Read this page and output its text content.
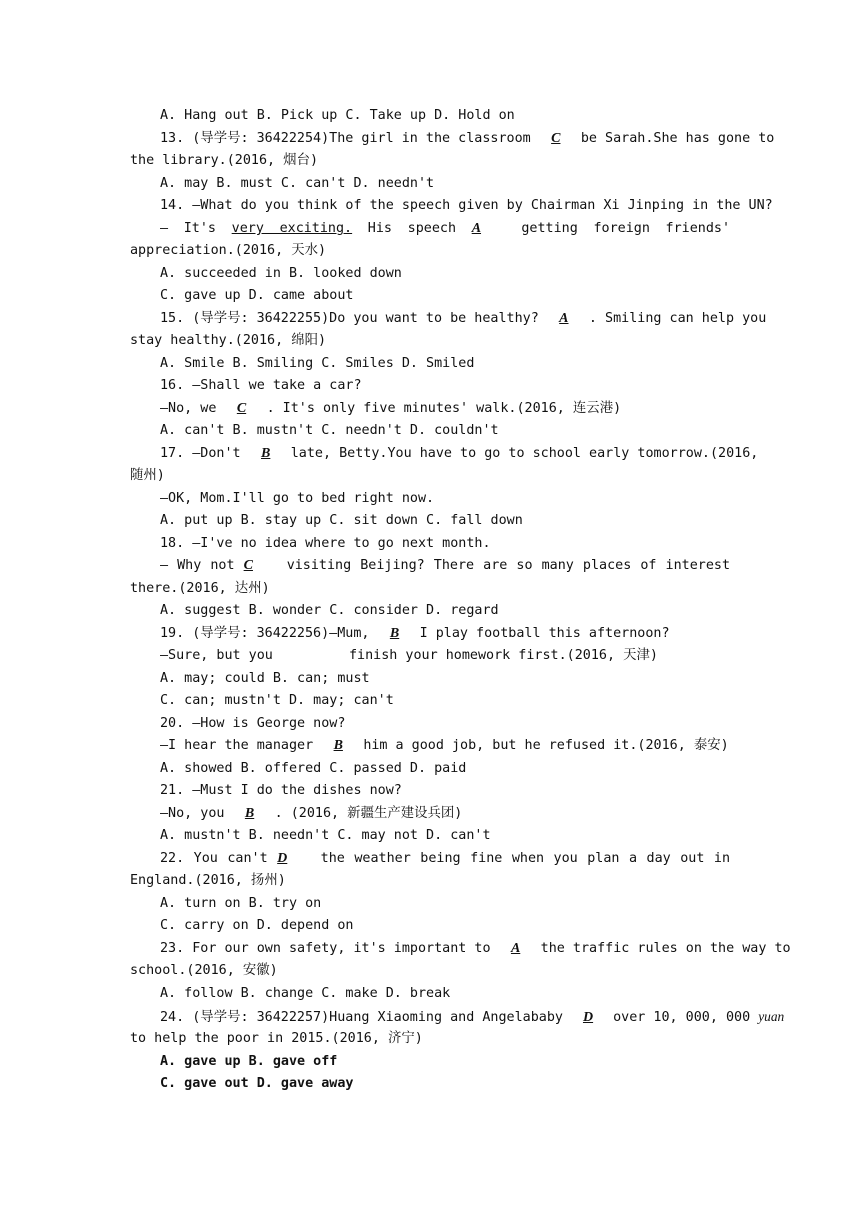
A. Hang out B. Pick up C. Take up D. Hold on
13. (导学号: 36422254)The girl in the classroom C be Sarah.She has gone to
the library.(2016, 烟台)
A. may B. must C. can't D. needn't
14. —What do you think of the speech given by Chairman Xi Jinping in the UN?
— It's very exciting. His speech A	getting foreign friends'
appreciation.(2016, 天水)
A. succeeded in B. looked down
C. gave up D. came about
15. (导学号: 36422255)Do you want to be healthy? A . Smiling can help you
stay healthy.(2016, 绵阳)
A. Smile B. Smiling C. Smiles D. Smiled
16. —Shall we take a car?
—No, we C . It's only five minutes' walk.(2016, 连云港)
A. can't B. mustn't C. needn't D. couldn't
17. —Don't B late, Betty.You have to go to school early tomorrow.(2016,
随州)
—OK, Mom.I'll go to bed right now.
A. put up B. stay up C. sit down C. fall down
18. —I've no idea where to go next month.
— Why not C	visiting Beijing? There are so many places of interest
there.(2016, 达州)
A. suggest B. wonder C. consider D. regard
19. (导学号: 36422256)—Mum, B I play football this afternoon?
—Sure, but you	finish your homework first.(2016, 天津)
A. may; could B. can; must
C. can; mustn't D. may; can't
20. —How is George now?
—I hear the manager B him a good job, but he refused it.(2016, 泰安)
A. showed B. offered C. passed D. paid
21. —Must I do the dishes now?
—No, you B . (2016, 新疆生产建设兵团)
A. mustn't B. needn't C. may not D. can't
22. You can't D the weather being fine when you plan a day out in
England.(2016, 扬州)
A. turn on B. try on
C. carry on D. depend on
23. For our own safety, it's important to A the traffic rules on the way to
school.(2016, 安徽)
A. follow B. change C. make D. break
24. (导学号: 36422257)Huang Xiaoming and Angelababy D over 10, 000, 000 yuan
to help the poor in 2015.(2016, 济宁)
A. gave up B. gave off
C. gave out D. gave away
